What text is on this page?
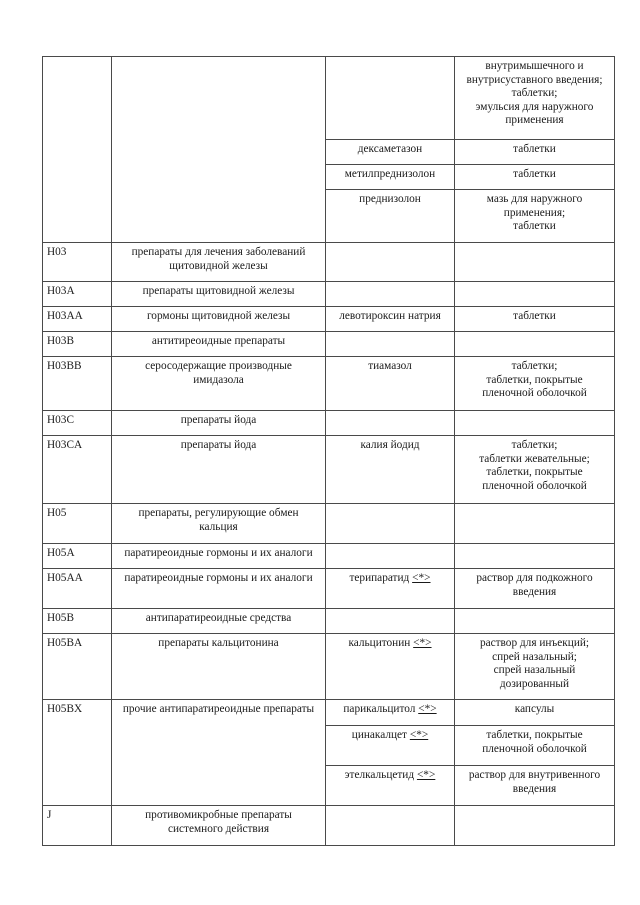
			внутримышечного и
внутрисуставного введения;
таблетки;
эмульсия для наружного
применения
		дексаметазон	таблетки
		метилпреднизолон	таблетки
		преднизолон	мазь для наружного
применения;
таблетки
H03	препараты для лечения заболеваний
щитовидной железы		
H03A	препараты щитовидной железы		
H03AA	гормоны щитовидной железы	левотироксин натрия	таблетки
H03B	антитиреоидные препараты		
H03BB	серосодержащие производные
имидазола	тиамазол	таблетки;
таблетки, покрытые
пленочной оболочкой
H03C	препараты йода		
H03CA	препараты йода	калия йодид	таблетки;
таблетки жевательные;
таблетки, покрытые
пленочной оболочкой
H05	препараты, регулирующие обмен
кальция		
H05A	паратиреоидные гормоны и их аналоги		
H05AA	паратиреоидные гормоны и их аналоги	терипаратид <*>	раствор для подкожного
введения
H05B	антипаратиреоидные средства		
H05BA	препараты кальцитонина	кальцитонин <*>	раствор для инъекций;
спрей назальный;
спрей назальный
дозированный
H05BX	прочие антипаратиреоидные препараты	парикальцитол <*>	капсулы
		цинакалцет <*>	таблетки, покрытые
пленочной оболочкой
		этелкальцетид <*>	раствор для внутривенного
введения
J	противомикробные препараты
системного действия		
